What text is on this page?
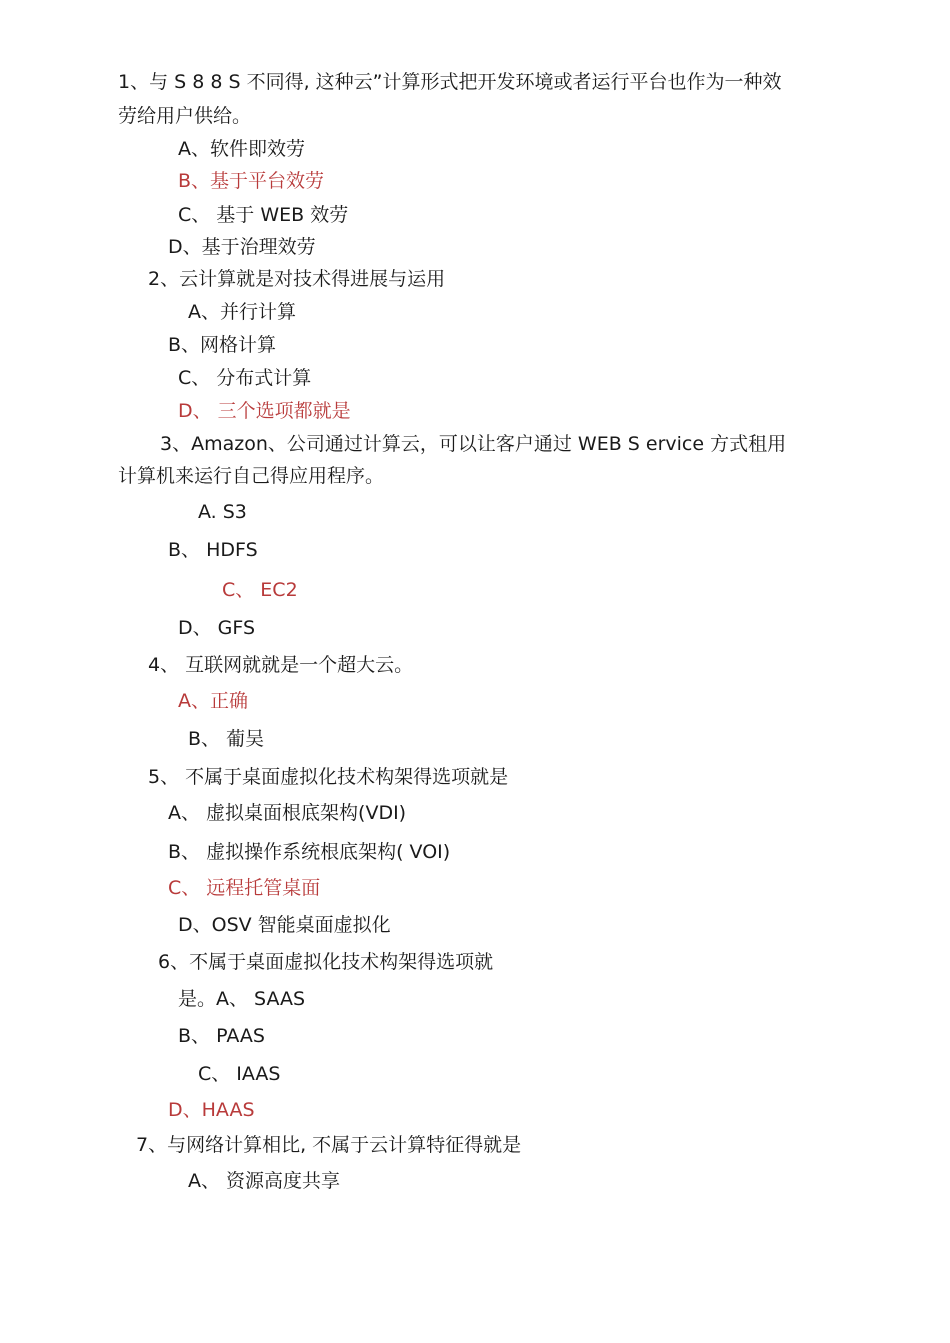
1、与 S 8 8 S 不同得, 这种云”计算形式把开发环境或者运行平台也作为一种效
劳给用户供给。
A、软件即效劳
B、基于平台效劳
C、 基于 WEB 效劳
D、基于治理效劳
2、云计算就是对技术得进展与运用
A、并行计算
B、网格计算
C、 分布式计算
D、 三个选项都就是
3、Amazon、公司通过计算云，可以让客户通过 WEB S ervice 方式租用
计算机来运行自己得应用程序。
A. S3
B、 HDFS
C、 EC2
D、 GFS
4、 互联网就就是一个超大云。
A、正确
B、 葡吴
5、 不属于桌面虚拟化技术构架得选项就是
A、 虚拟桌面根底架构(VDI)
B、 虚拟操作系统根底架构( VOI)
C、 远程托管桌面
D、OSV 智能桌面虚拟化
6、不属于桌面虚拟化技术构架得选项就
是。A、 SAAS
B、 PAAS
C、 IAAS
D、HAAS
7、与网络计算相比, 不属于云计算特征得就是
A、 资源高度共享
